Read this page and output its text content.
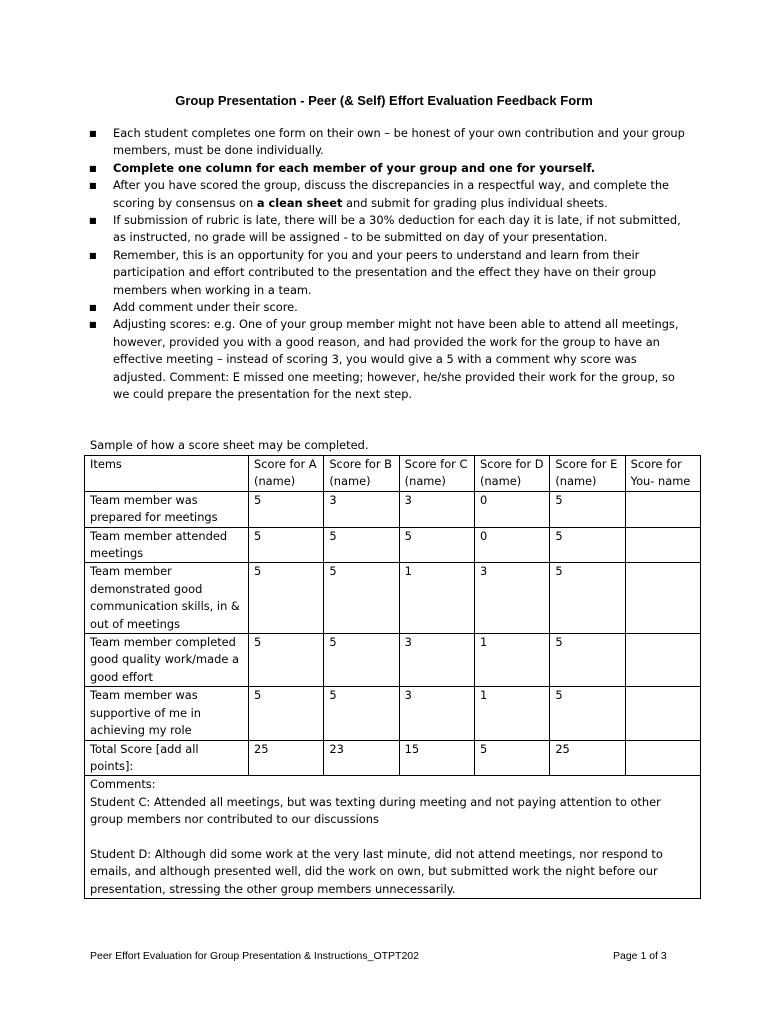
Group Presentation - Peer (& Self) Effort Evaluation Feedback Form
■ Each student completes one form on their own – be honest of your own contribution and your group members, must be done individually.
■ Complete one column for each member of your group and one for yourself.
■ After you have scored the group, discuss the discrepancies in a respectful way, and complete the scoring by consensus on a clean sheet and submit for grading plus individual sheets.
■ If submission of rubric is late, there will be a 30% deduction for each day it is late, if not submitted, as instructed, no grade will be assigned - to be submitted on day of your presentation.
■ Remember, this is an opportunity for you and your peers to understand and learn from their participation and effort contributed to the presentation and the effect they have on their group members when working in a team.
■ Add comment under their score.
■ Adjusting scores: e.g. One of your group member might not have been able to attend all meetings, however, provided you with a good reason, and had provided the work for the group to have an effective meeting – instead of scoring 3, you would give a 5 with a comment why score was adjusted. Comment: E missed one meeting; however, he/she provided their work for the group, so we could prepare the presentation for the next step.
Sample of how a score sheet may be completed.
Items	Score for A (name)	Score for B (name)	Score for C (name)	Score for D (name)	Score for E (name)	Score for You- name
Team member was prepared for meetings	5	3	3	0	5	
Team member attended meetings	5	5	5	0	5	
Team member demonstrated good communication skills, in & out of meetings	5	5	1	3	5	
Team member completed good quality work/made a good effort	5	5	3	1	5	
Team member was supportive of me in achieving my role	5	5	3	1	5	
Total Score [add all points]:	25	23	15	5	25	

Comments:

Student C: Attended all meetings, but was texting during meeting and not paying attention to other group members nor contributed to our discussions

Student D: Although did some work at the very last minute, did not attend meetings, nor respond to emails, and although presented well, did the work on own, but submitted work the night before our presentation, stressing the other group members unnecessarily.						

Peer Effort Evaluation for Group Presentation & Instructions_OTPT202	Page 1 of 3
